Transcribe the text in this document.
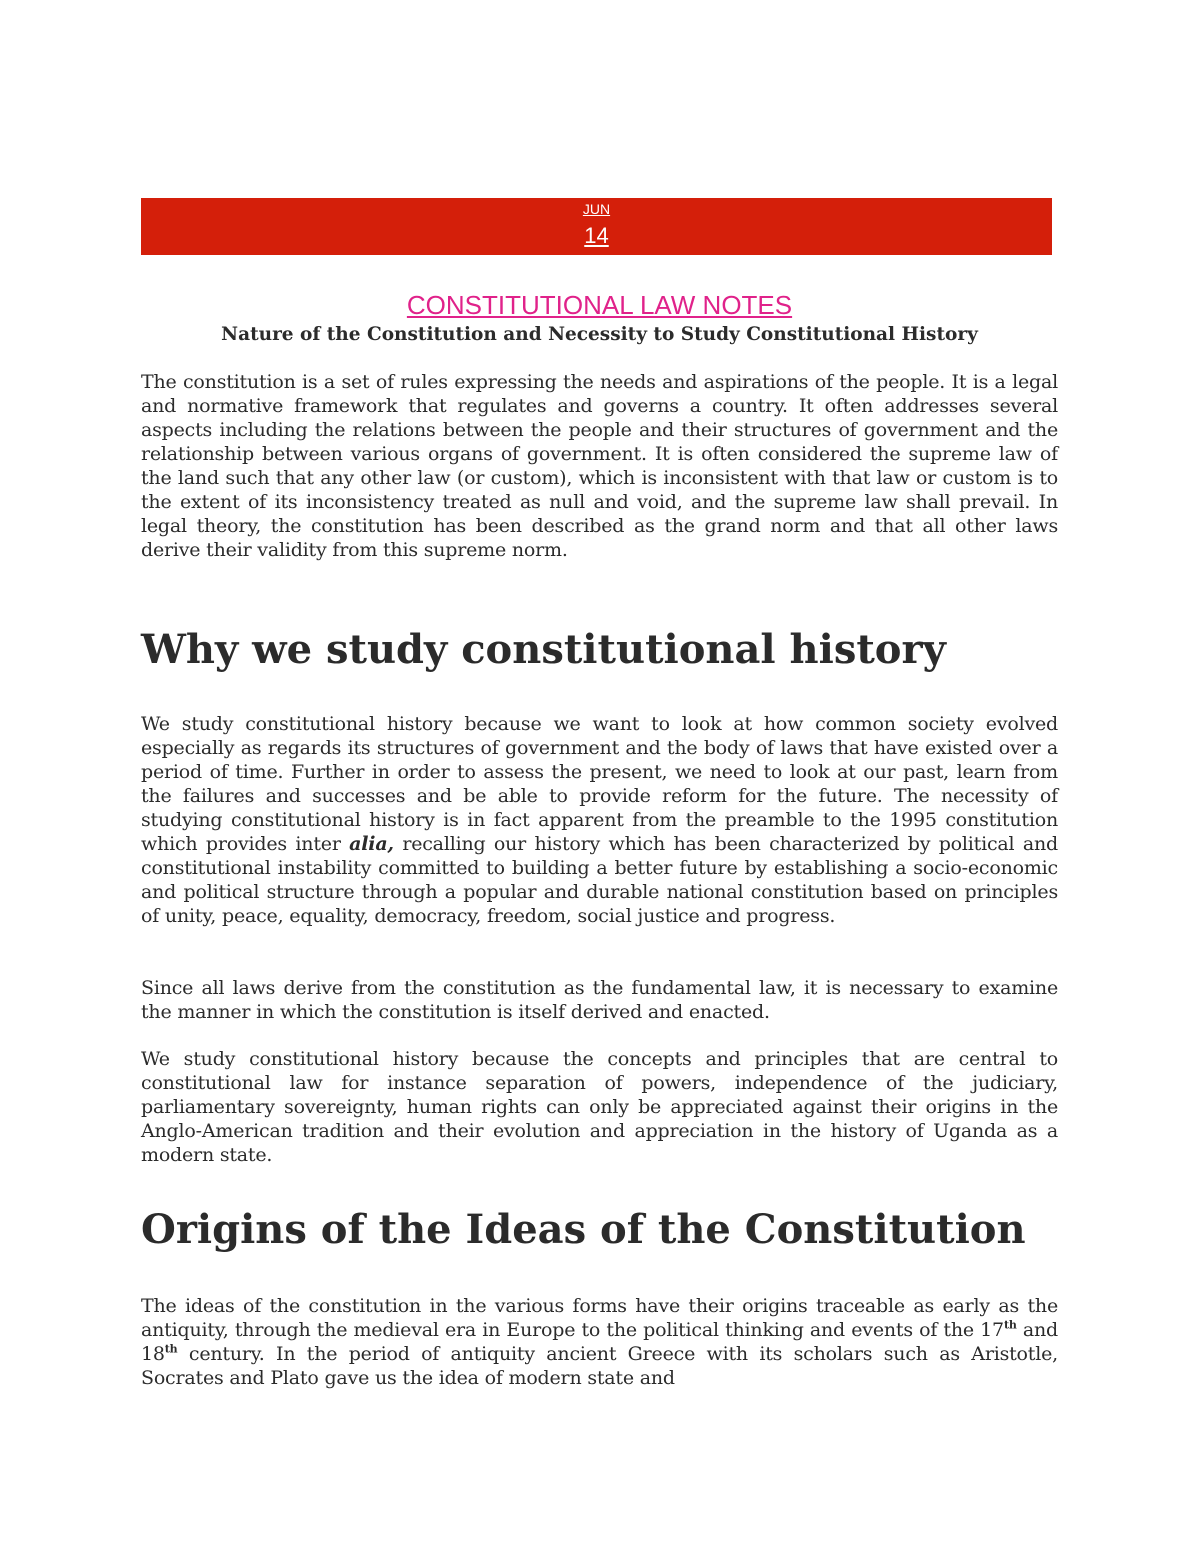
JUN
14
CONSTITUTIONAL LAW NOTES
Nature of the Constitution and Necessity to Study Constitutional History

The constitution is a set of rules expressing the needs and aspirations of the people. It is a legal and normative framework that regulates and governs a country. It often addresses several aspects including the relations between the people and their structures of government and the relationship between various organs of government. It is often considered the supreme law of the land such that any other law (or custom), which is inconsistent with that law or custom is to the extent of its inconsistency treated as null and void, and the supreme law shall prevail. In legal theory, the constitution has been described as the grand norm and that all other laws derive their validity from this supreme norm.

Why we study constitutional history

We study constitutional history because we want to look at how common society evolved especially as regards its structures of government and the body of laws that have existed over a period of time. Further in order to assess the present, we need to look at our past, learn from the failures and successes and be able to provide reform for the future. The necessity of studying constitutional history is in fact apparent from the preamble to the 1995 constitution which provides inter alia, recalling our history which has been characterized by political and constitutional instability committed to building a better future by establishing a socio-economic and political structure through a popular and durable national constitution based on principles of unity, peace, equality, democracy, freedom, social justice and progress.

Since all laws derive from the constitution as the fundamental law, it is necessary to examine the manner in which the constitution is itself derived and enacted.

We study constitutional history because the concepts and principles that are central to constitutional law for instance separation of powers, independence of the judiciary, parliamentary sovereignty, human rights can only be appreciated against their origins in the Anglo-American tradition and their evolution and appreciation in the history of Uganda as a modern state.

Origins of the Ideas of the Constitution

The ideas of the constitution in the various forms have their origins traceable as early as the antiquity, through the medieval era in Europe to the political thinking and events of the 17th and 18th century. In the period of antiquity ancient Greece with its scholars such as Aristotle, Socrates and Plato gave us the idea of modern state and
